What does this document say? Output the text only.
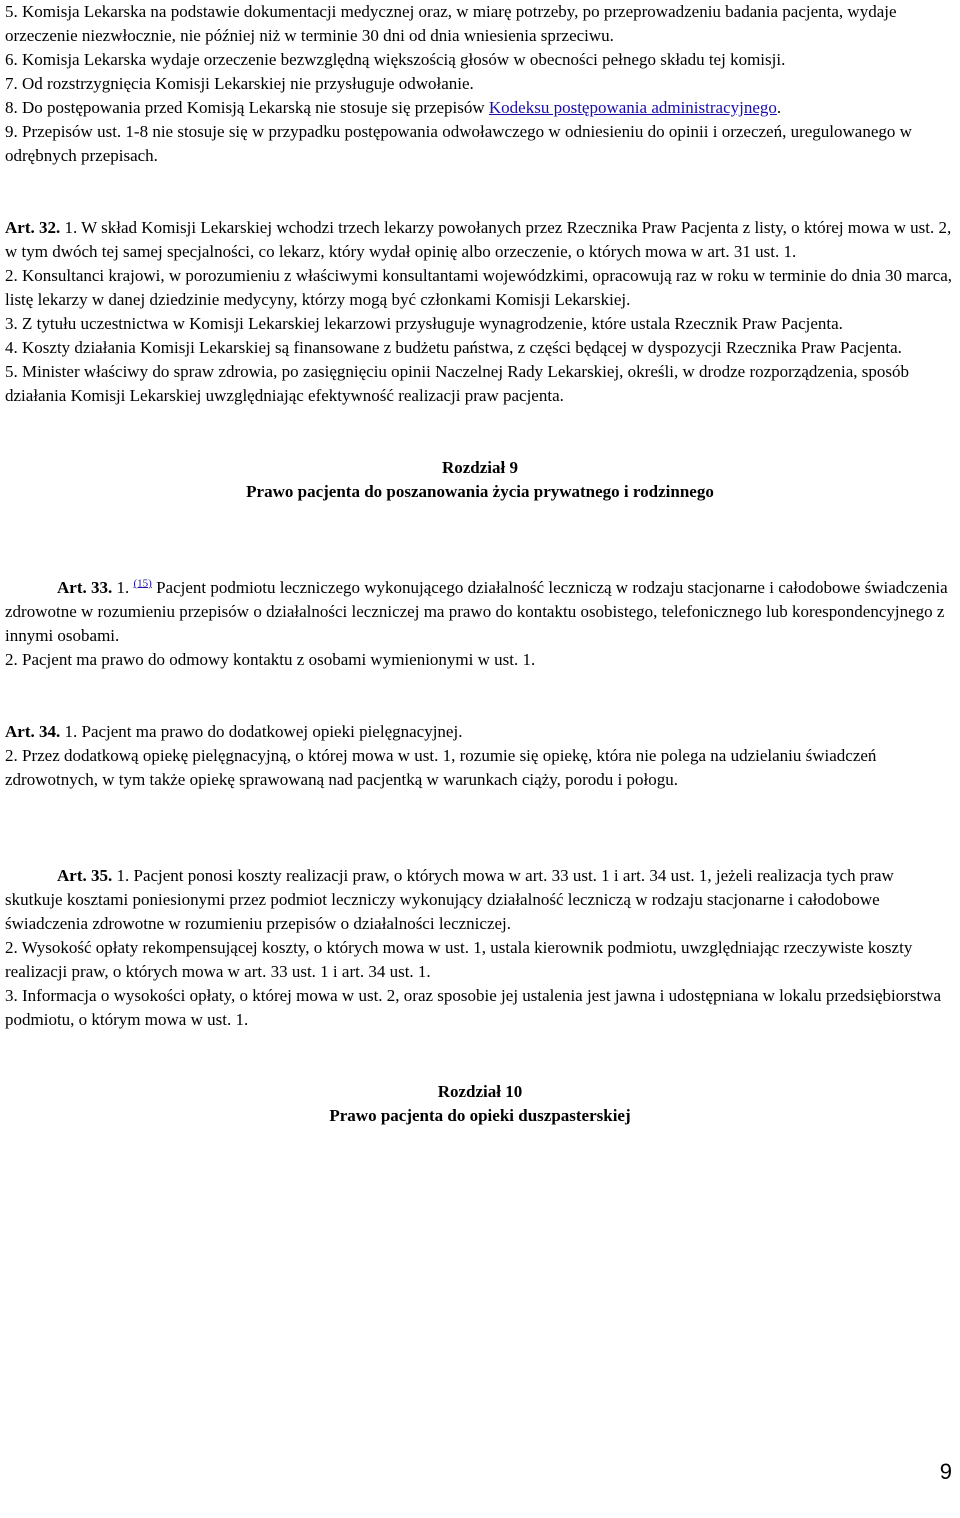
5. Komisja Lekarska na podstawie dokumentacji medycznej oraz, w miarę potrzeby, po przeprowadzeniu badania pacjenta, wydaje orzeczenie niezwłocznie, nie później niż w terminie 30 dni od dnia wniesienia sprzeciwu.

6. Komisja Lekarska wydaje orzeczenie bezwzględną większością głosów w obecności pełnego składu tej komisji.

7. Od rozstrzygnięcia Komisji Lekarskiej nie przysługuje odwołanie.

8. Do postępowania przed Komisją Lekarską nie stosuje się przepisów Kodeksu postępowania administracyjnego.

9. Przepisów ust. 1-8 nie stosuje się w przypadku postępowania odwoławczego w odniesieniu do opinii i orzeczeń, uregulowanego w odrębnych przepisach.

Art. 32. 1. W skład Komisji Lekarskiej wchodzi trzech lekarzy powołanych przez Rzecznika Praw Pacjenta z listy, o której mowa w ust. 2, w tym dwóch tej samej specjalności, co lekarz, który wydał opinię albo orzeczenie, o których mowa w art. 31 ust. 1.

2. Konsultanci krajowi, w porozumieniu z właściwymi konsultantami wojewódzkimi, opracowują raz w roku w terminie do dnia 30 marca, listę lekarzy w danej dziedzinie medycyny, którzy mogą być członkami Komisji Lekarskiej.

3. Z tytułu uczestnictwa w Komisji Lekarskiej lekarzowi przysługuje wynagrodzenie, które ustala Rzecznik Praw Pacjenta.

4. Koszty działania Komisji Lekarskiej są finansowane z budżetu państwa, z części będącej w dyspozycji Rzecznika Praw Pacjenta.

5. Minister właściwy do spraw zdrowia, po zasięgnięciu opinii Naczelnej Rady Lekarskiej, określi, w drodze rozporządzenia, sposób działania Komisji Lekarskiej uwzględniając efektywność realizacji praw pacjenta.

Rozdział 9

Prawo pacjenta do poszanowania życia prywatnego i rodzinnego

Art. 33. 1. $^{(15)}$ Pacjent podmiotu leczniczego wykonującego działalność leczniczą w rodzaju stacjonarne i całodobowe świadczenia zdrowotne w rozumieniu przepisów o działalności leczniczej ma prawo do kontaktu osobistego, telefonicznego lub korespondencyjnego z innymi osobami.

2. Pacjent ma prawo do odmowy kontaktu z osobami wymienionymi w ust. 1.

Art. 34. 1. Pacjent ma prawo do dodatkowej opieki pielęgnacyjnej.

2. Przez dodatkową opiekę pielęgnacyjną, o której mowa w ust. 1, rozumie się opiekę, która nie polega na udzielaniu świadczeń zdrowotnych, w tym także opiekę sprawowaną nad pacjentką w warunkach ciąży, porodu i połogu.

Art. 35. 1. Pacjent ponosi koszty realizacji praw, o których mowa w art. 33 ust. 1 i art. 34 ust. 1, jeżeli realizacja tych praw skutkuje kosztami poniesionymi przez podmiot leczniczy wykonujący działalność leczniczą w rodzaju stacjonarne i całodobowe świadczenia zdrowotne w rozumieniu przepisów o działalności leczniczej.

2. Wysokość opłaty rekompensującej koszty, o których mowa w ust. 1, ustala kierownik podmiotu, uwzględniając rzeczywiste koszty realizacji praw, o których mowa w art. 33 ust. 1 i art. 34 ust. 1.

3. Informacja o wysokości opłaty, o której mowa w ust. 2, oraz sposobie jej ustalenia jest jawna i udostępniana w lokalu przedsiębiorstwa podmiotu, o którym mowa w ust. 1.

Rozdział 10

Prawo pacjenta do opieki duszpasterskiej

9
